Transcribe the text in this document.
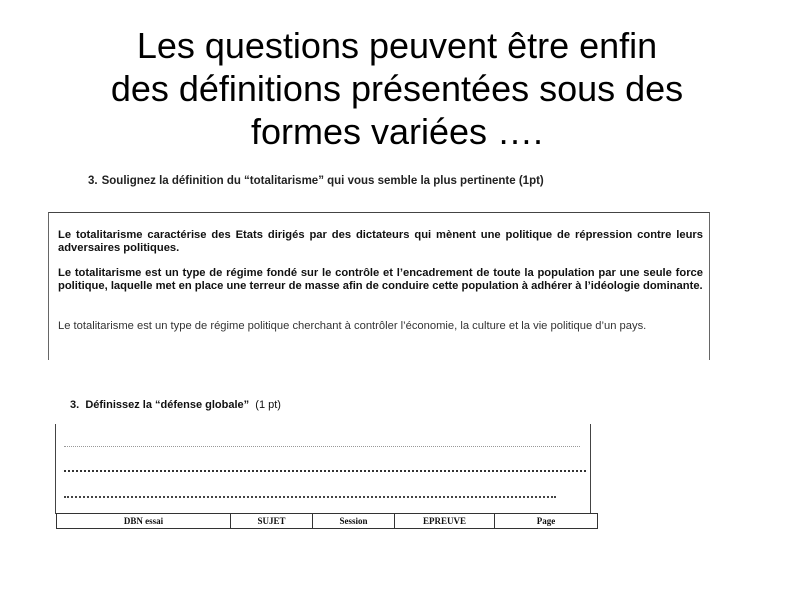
Les questions peuvent être enfin
des définitions présentées sous des
formes variées ….
3. Soulignez la définition du “totalitarisme” qui vous semble la plus pertinente (1pt)
Le totalitarisme caractérise des Etats dirigés par des dictateurs qui mènent une politique de répression contre leurs adversaires politiques.
Le totalitarisme est un type de régime fondé sur le contrôle et l’encadrement de toute la population par une seule force politique, laquelle met en place une terreur de masse afin de conduire cette population à adhérer à l’idéologie dominante.
Le totalitarisme est un type de régime politique cherchant à contrôler l’économie, la culture et la vie politique d’un pays.
3. Définissez la “défense globale” (1 pt)
DBN essai	SUJET	Session	EPREUVE	Page
